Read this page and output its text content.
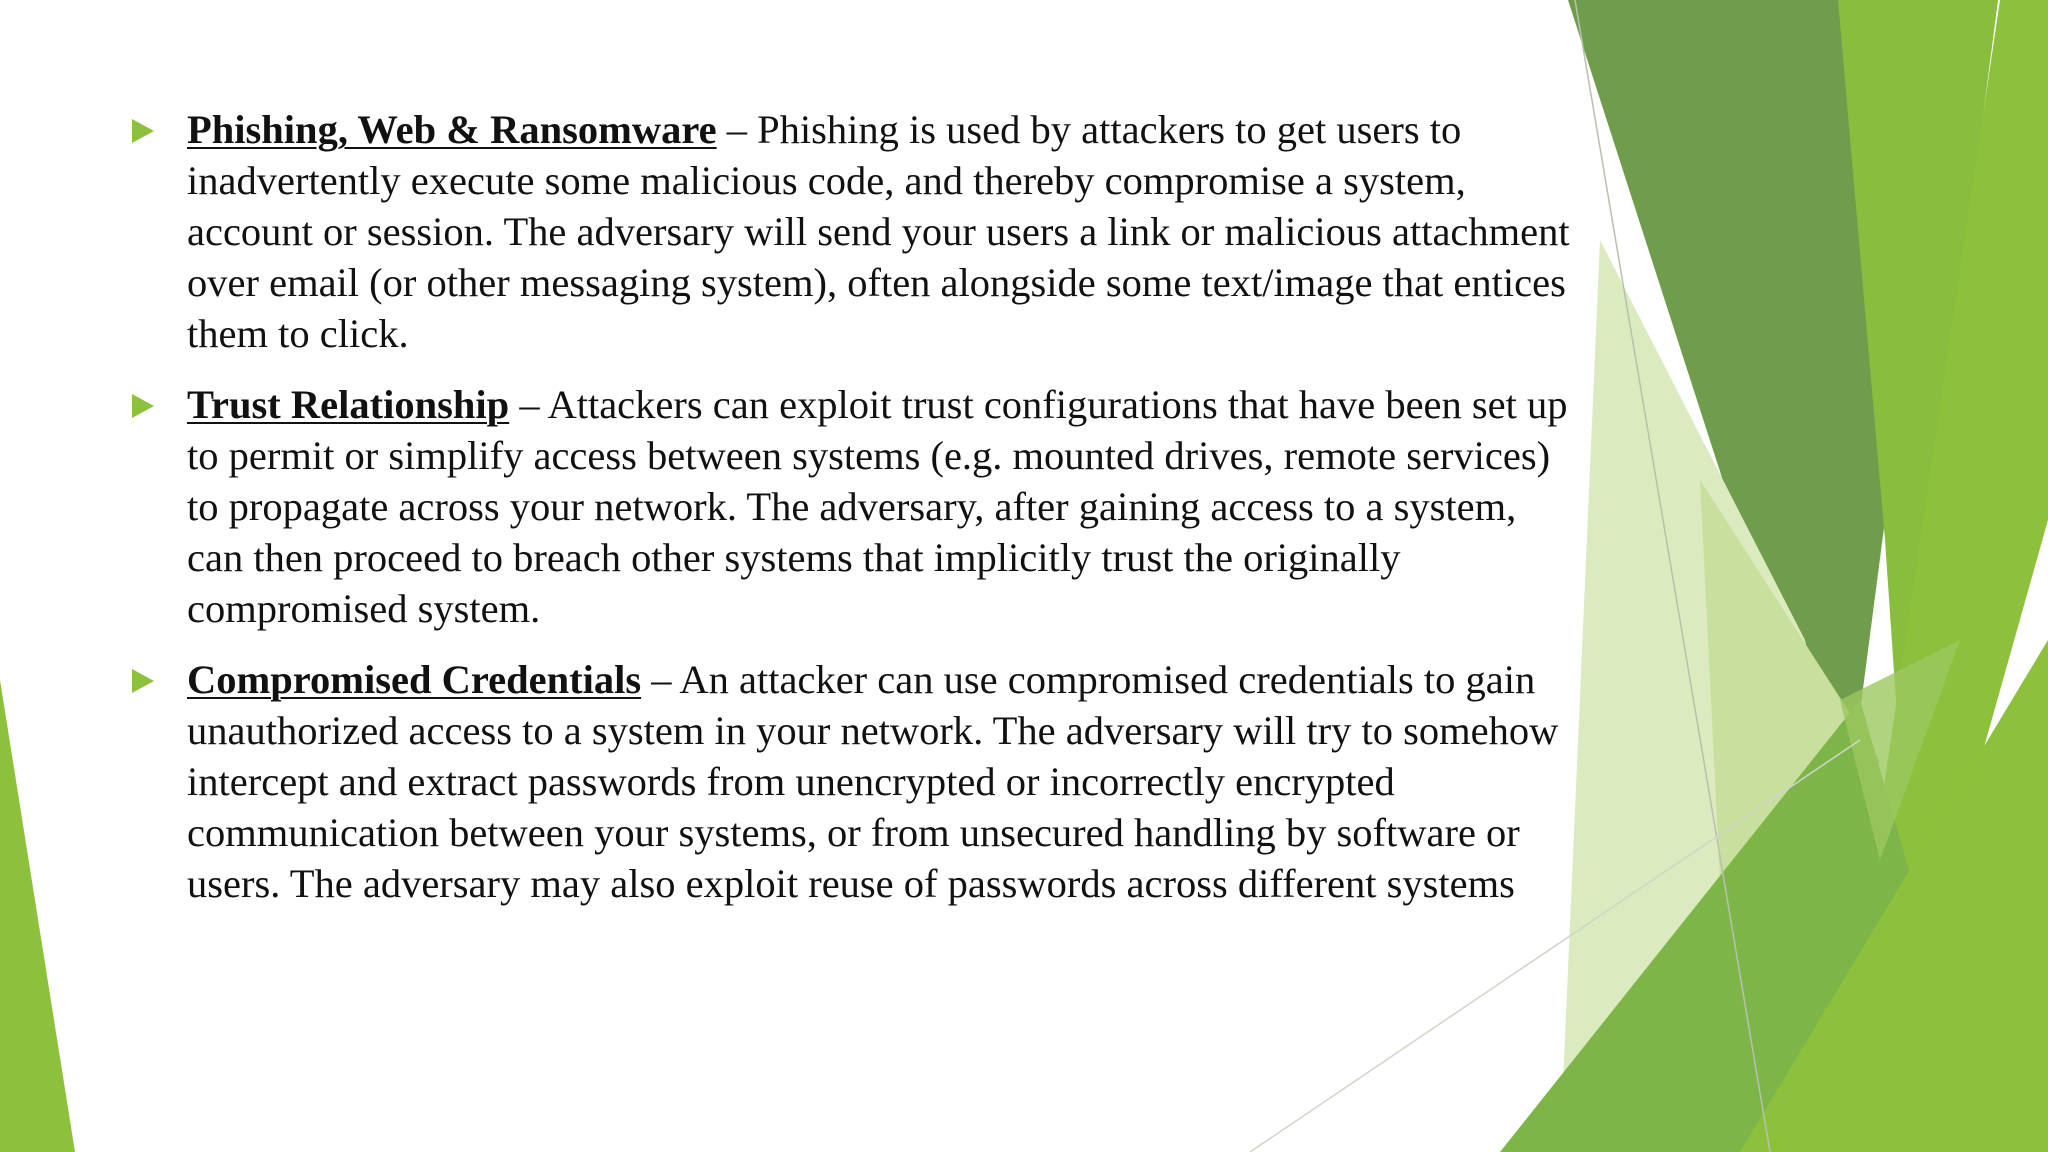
Phishing, Web & Ransomware – Phishing is used by attackers to get users to inadvertently execute some malicious code, and thereby compromise a system, account or session. The adversary will send your users a link or malicious attachment over email (or other messaging system), often alongside some text/image that entices them to click.
Trust Relationship – Attackers can exploit trust configurations that have been set up to permit or simplify access between systems (e.g. mounted drives, remote services) to propagate across your network. The adversary, after gaining access to a system, can then proceed to breach other systems that implicitly trust the originally compromised system.
Compromised Credentials – An attacker can use compromised credentials to gain unauthorized access to a system in your network. The adversary will try to somehow intercept and extract passwords from unencrypted or incorrectly encrypted communication between your systems, or from unsecured handling by software or users. The adversary may also exploit reuse of passwords across different systems
